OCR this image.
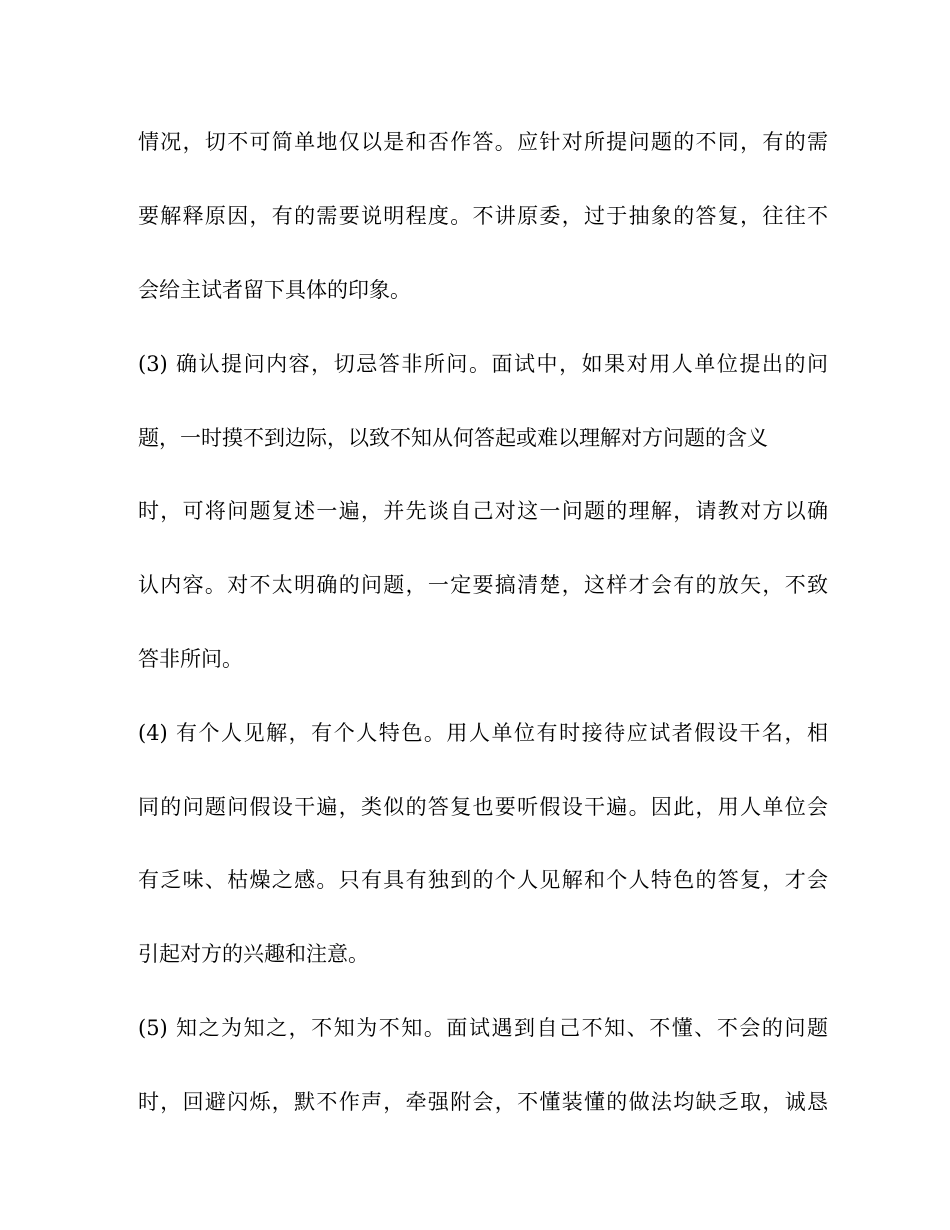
情况，切不可简单地仅以是和否作答。应针对所提问题的不同，有的需
要解释原因，有的需要说明程度。不讲原委，过于抽象的答复，往往不
会给主试者留下具体的印象。
(3) 确认提问内容，切忌答非所问。面试中，如果对用人单位提出的问
题，一时摸不到边际，以致不知从何答起或难以理解对方问题的含义
时，可将问题复述一遍，并先谈自己对这一问题的理解，请教对方以确
认内容。对不太明确的问题，一定要搞清楚，这样才会有的放矢，不致
答非所问。
(4) 有个人见解，有个人特色。用人单位有时接待应试者假设干名，相
同的问题问假设干遍，类似的答复也要听假设干遍。因此，用人单位会
有乏味、枯燥之感。只有具有独到的个人见解和个人特色的答复，才会
引起对方的兴趣和注意。
(5) 知之为知之，不知为不知。面试遇到自己不知、不懂、不会的问题
时，回避闪烁，默不作声，牵强附会，不懂装懂的做法均缺乏取，诚恳
